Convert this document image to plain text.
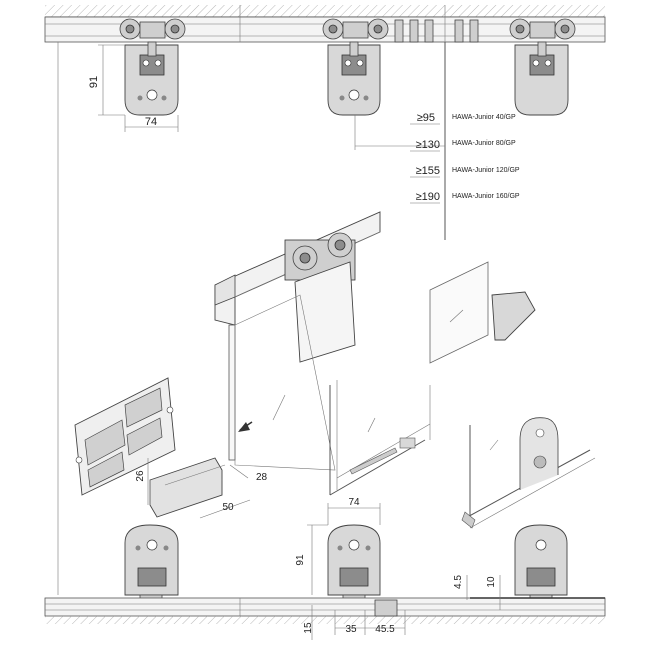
91
74	≥95 HAWA-Junior 40/GP
≥130 HAWA-Junior 80/GP
≥155 HAWA-Junior 120/GP
≥190 HAWA-Junior 160/GP
26	28
50	74
91
15	35 45.5
4.5 10
